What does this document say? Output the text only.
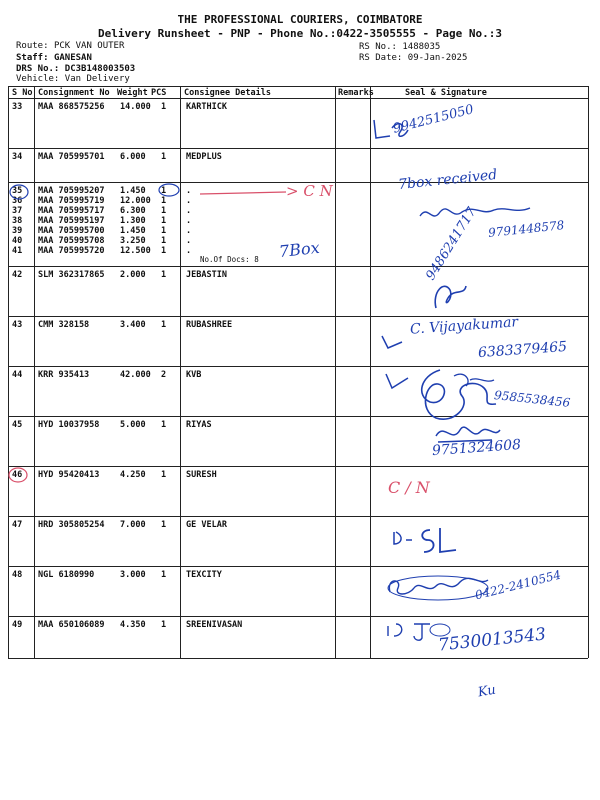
THE PROFESSIONAL COURIERS, COIMBATORE
Delivery Runsheet - PNP - Phone No.:0422-3505555 - Page No.:3
Route: PCK VAN OUTER
Staff: GANESAN
DRS No.: DC3B148003503
Vehicle: Van Delivery
RS No.: 1488035
RS Date: 09-Jan-2025
S No Consignment No Weight PCS Consignee Details	Remarks	Seal & Signature
33 MAA 868575256 14.000 1 KARTHICK
34 MAA 705995701 6.000 1 MEDPLUS
35 MAA 705995207 1.450 1 .
36 MAA 705995719 12.000 1 .
37 MAA 705995717 6.300 1 .
38 MAA 705995197 1.300 1 .
39 MAA 705995700 1.450 1 .
40 MAA 705995708 3.250 1 .
41 MAA 705995720 12.500 1 .
No.Of Docs: 8
42 SLM 362317865 2.000 1 JEBASTIN
43 CMM 328158	3.400 1 RUBASHREE
44 KRR 935413	42.000 2 KVB
45 HYD 10037958 5.000 1 RIYAS
46 HYD 95420413 4.250 1 SURESH
47 HRD 305805254 7.000 1 GE VELAR
48 NGL 6180990	3.000 1 TEXCITY
49 MAA 650106089 4.350 1 SREENIVASAN
9942515050
> C N	7box received
9791448578
7Box	9486241717
C. Vijayakumar
6383379465
9585538456
9751324608
C / N
0422-2410554
7530013543
Ku
